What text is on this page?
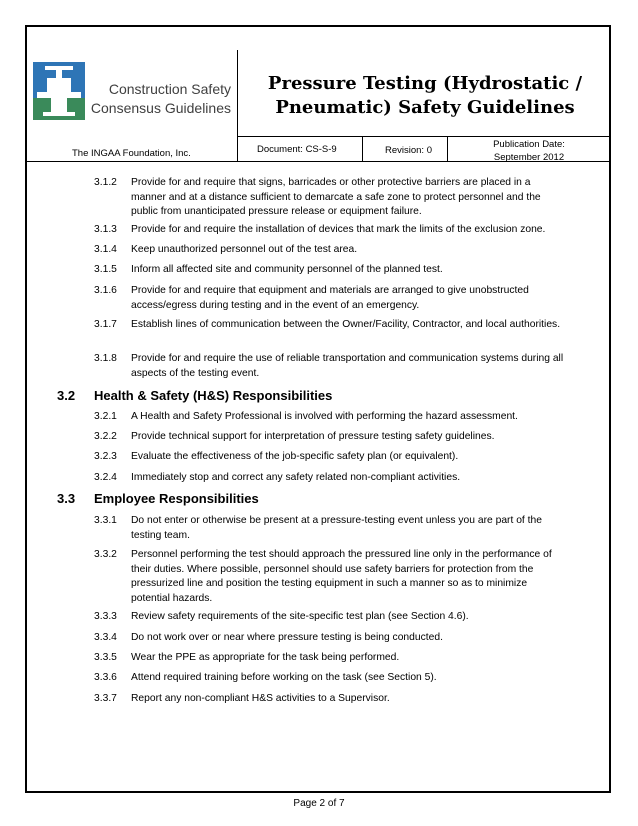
Construction Safety
Consensus Guidelines
Pressure Testing (Hydrostatic /
Pneumatic) Safety Guidelines
The INGAA Foundation, Inc.	Document: CS-S-9	Revision: 0
Publication Date:
September 2012
3.1.2	Provide for and require that signs, barricades or other protective barriers are placed in a manner and at a distance sufficient to demarcate a safe zone to protect personnel and the public from unanticipated pressure release or equipment failure.
3.1.3	Provide for and require the installation of devices that mark the limits of the exclusion zone.
3.1.4	Keep unauthorized personnel out of the test area.
3.1.5	Inform all affected site and community personnel of the planned test.
3.1.6	Provide for and require that equipment and materials are arranged to give unobstructed access/egress during testing and in the event of an emergency.
3.1.7	Establish lines of communication between the Owner/Facility, Contractor, and local authorities.
3.1.8	Provide for and require the use of reliable transportation and communication systems during all aspects of the testing event.
3.2 Health & Safety (H&S) Responsibilities
3.2.1	A Health and Safety Professional is involved with performing the hazard assessment.
3.2.2	Provide technical support for interpretation of pressure testing safety guidelines.
3.2.3	Evaluate the effectiveness of the job-specific safety plan (or equivalent).
3.2.4	Immediately stop and correct any safety related non-compliant activities.
3.3 Employee Responsibilities
3.3.1	Do not enter or otherwise be present at a pressure-testing event unless you are part of the testing team.
3.3.2	Personnel performing the test should approach the pressured line only in the performance of their duties. Where possible, personnel should use safety barriers for protection from the pressurized line and position the testing equipment in such a manner so as to minimize potential hazards.
3.3.3	Review safety requirements of the site-specific test plan (see Section 4.6).
3.3.4	Do not work over or near where pressure testing is being conducted.
3.3.5	Wear the PPE as appropriate for the task being performed.
3.3.6	Attend required training before working on the task (see Section 5).
3.3.7	Report any non-compliant H&S activities to a Supervisor.
Page 2 of 7
